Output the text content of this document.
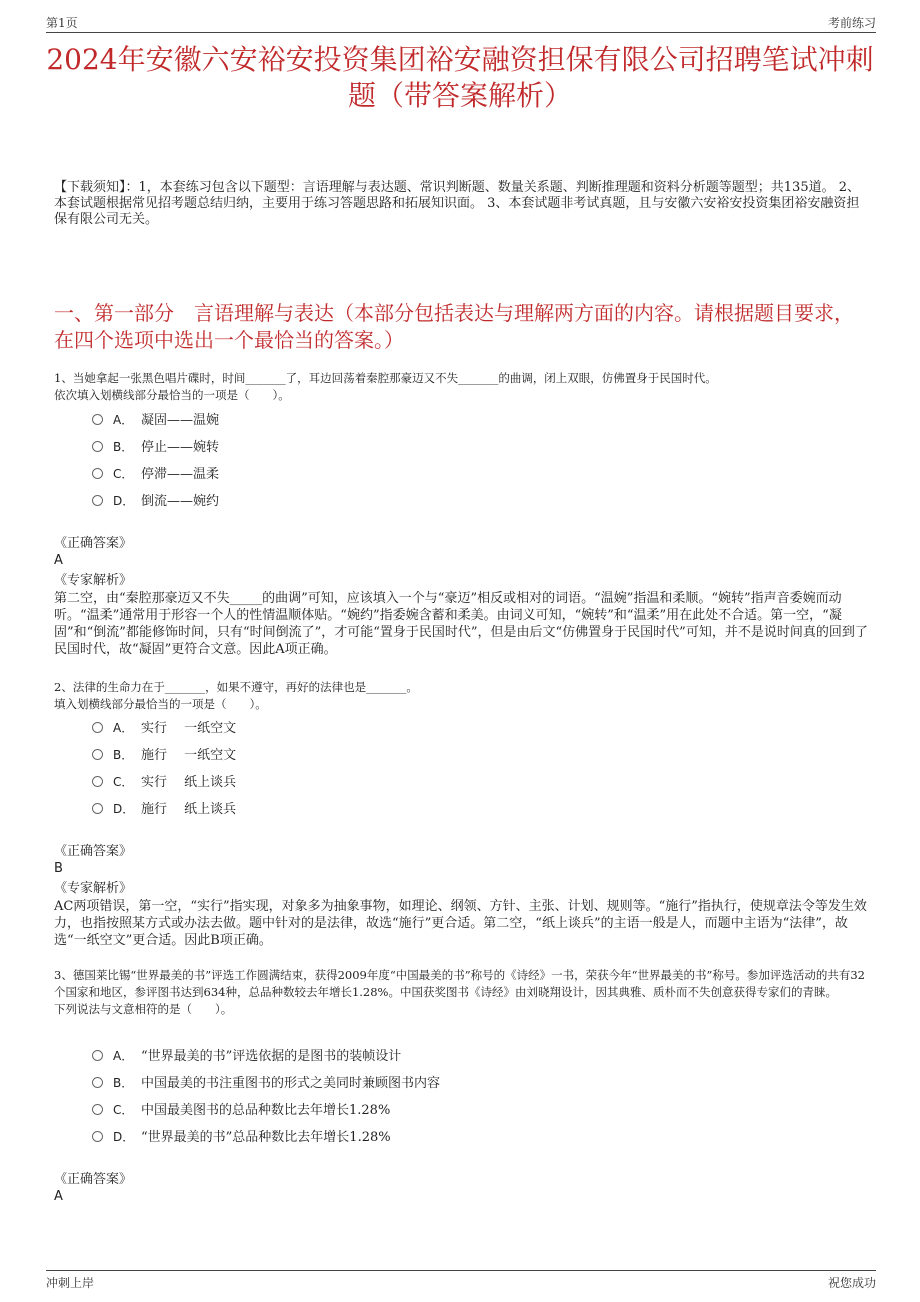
第1页	考前练习
2024年安徽六安裕安投资集团裕安融资担保有限公司招聘笔试冲刺题（带答案解析）
【下载须知】：1，本套练习包含以下题型：言语理解与表达题、常识判断题、数量关系题、判断推理题和资料分析题等题型；共135道。 2、本套试题根据常见招考题总结归纳，主要用于练习答题思路和拓展知识面。 3、本套试题非考试真题，且与安徽六安裕安投资集团裕安融资担保有限公司无关。
一、第一部分　言语理解与表达（本部分包括表达与理解两方面的内容。请根据题目要求，在四个选项中选出一个最恰当的答案。）
1、当她拿起一张黑色唱片碟时，时间_______了，耳边回荡着秦腔那豪迈又不失_______的曲调，闭上双眼，仿佛置身于民国时代。
依次填入划横线部分最恰当的一项是（　　）。
A． 凝固——温婉
B． 停止——婉转
C． 停滞——温柔
D． 倒流——婉约
《正确答案》
A
《专家解析》
第二空，由“秦腔那豪迈又不失_____的曲调”可知，应该填入一个与“豪迈”相反或相对的词语。“温婉”指温和柔顺。“婉转”指声音委婉而动听。“温柔”通常用于形容一个人的性情温顺体贴。“婉约”指委婉含蓄和柔美。由词义可知，“婉转”和“温柔”用在此处不合适。第一空，“凝固”和“倒流”都能修饰时间，只有“时间倒流了”，才可能“置身于民国时代”，但是由后文“仿佛置身于民国时代”可知，并不是说时间真的回到了民国时代，故“凝固”更符合文意。因此A项正确。
2、法律的生命力在于_______，如果不遵守，再好的法律也是_______。
填入划横线部分最恰当的一项是（　　）。
A． 实行　 一纸空文
B． 施行　 一纸空文
C． 实行　 纸上谈兵
D． 施行　 纸上谈兵
《正确答案》
B
《专家解析》
AC两项错误，第一空，“实行”指实现，对象多为抽象事物，如理论、纲领、方针、主张、计划、规则等。“施行”指执行，使规章法令等发生效力，也指按照某方式或办法去做。题中针对的是法律，故选“施行”更合适。第二空，“纸上谈兵”的主语一般是人，而题中主语为“法律”，故选“一纸空文”更合适。因此B项正确。
3、德国莱比锡“世界最美的书”评选工作圆满结束，获得2009年度“中国最美的书”称号的《诗经》一书，荣获今年“世界最美的书”称号。参加评选活动的共有32个国家和地区，参评图书达到634种，总品种数较去年增长1.28%。中国获奖图书《诗经》由刘晓翔设计，因其典雅、质朴而不失创意获得专家们的青睐。
下列说法与文意相符的是（　　）。
A． “世界最美的书”评选依据的是图书的装帧设计
B． 中国最美的书注重图书的形式之美同时兼顾图书内容
C． 中国最美图书的总品种数比去年增长1.28%
D． “世界最美的书”总品种数比去年增长1.28%
《正确答案》
A
冲刺上岸	祝您成功
